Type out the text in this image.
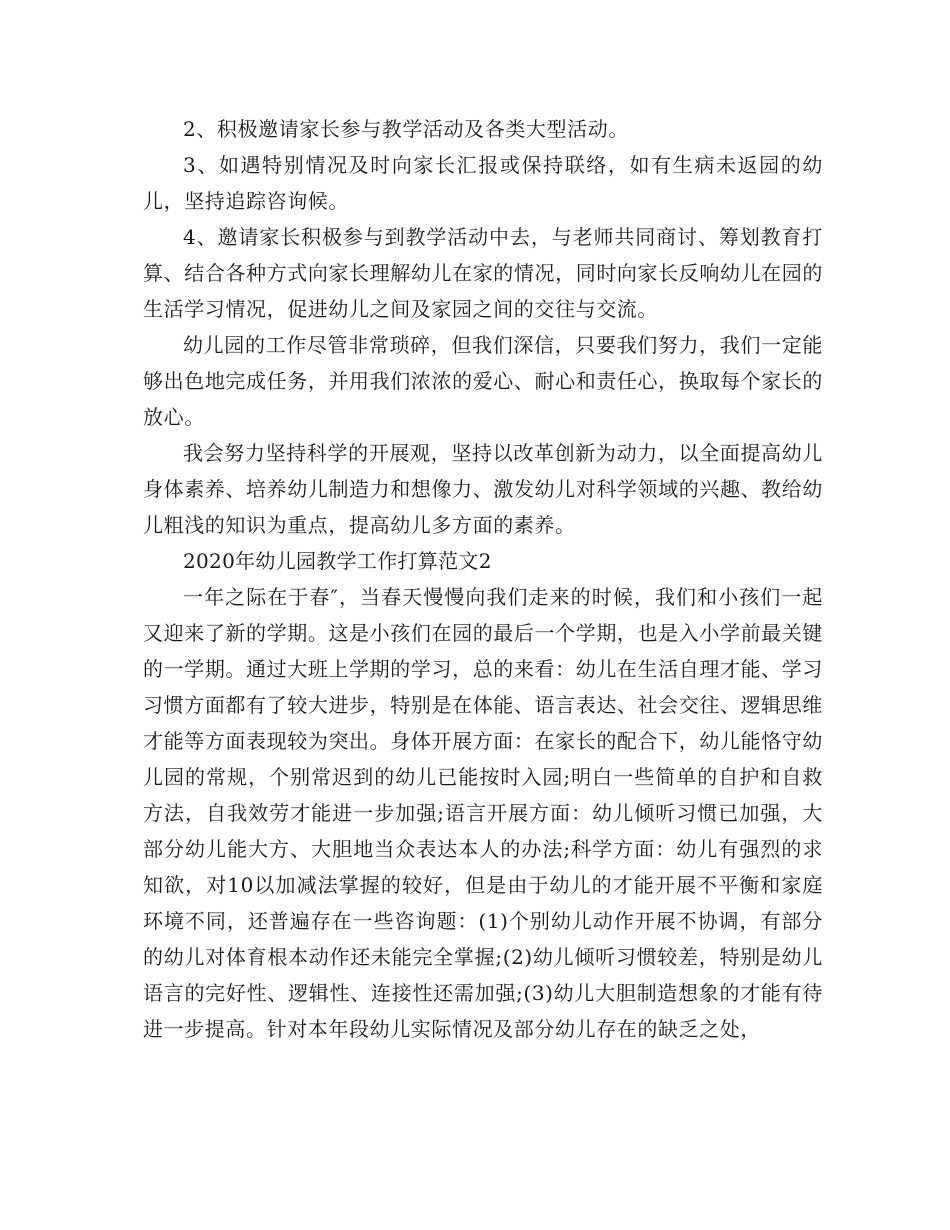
2、积极邀请家长参与教学活动及各类大型活动。

3、如遇特别情况及时向家长汇报或保持联络，如有生病未返园的幼儿，坚持追踪咨询候。

4、邀请家长积极参与到教学活动中去，与老师共同商讨、筹划教育打算、结合各种方式向家长理解幼儿在家的情况，同时向家长反响幼儿在园的生活学习情况，促进幼儿之间及家园之间的交往与交流。

幼儿园的工作尽管非常琐碎，但我们深信，只要我们努力，我们一定能够出色地完成任务，并用我们浓浓的爱心、耐心和责任心，换取每个家长的放心。

我会努力坚持科学的开展观，坚持以改革创新为动力，以全面提高幼儿身体素养、培养幼儿制造力和想像力、激发幼儿对科学领域的兴趣、教给幼儿粗浅的知识为重点，提高幼儿多方面的素养。

2020年幼儿园教学工作打算范文2

一年之际在于春″，当春天慢慢向我们走来的时候，我们和小孩们一起又迎来了新的学期。这是小孩们在园的最后一个学期，也是入小学前最关键的一学期。通过大班上学期的学习，总的来看：幼儿在生活自理才能、学习习惯方面都有了较大进步，特别是在体能、语言表达、社会交往、逻辑思维才能等方面表现较为突出。身体开展方面：在家长的配合下，幼儿能恪守幼儿园的常规，个别常迟到的幼儿已能按时入园;明白一些简单的自护和自救方法，自我效劳才能进一步加强;语言开展方面：幼儿倾听习惯已加强，大部分幼儿能大方、大胆地当众表达本人的办法;科学方面：幼儿有强烈的求知欲，对10以加减法掌握的较好，但是由于幼儿的才能开展不平衡和家庭环境不同，还普遍存在一些咨询题：(1)个别幼儿动作开展不协调，有部分的幼儿对体育根本动作还未能完全掌握;(2)幼儿倾听习惯较差，特别是幼儿语言的完好性、逻辑性、连接性还需加强;(3)幼儿大胆制造想象的才能有待进一步提高。针对本年段幼儿实际情况及部分幼儿存在的缺乏之处，
